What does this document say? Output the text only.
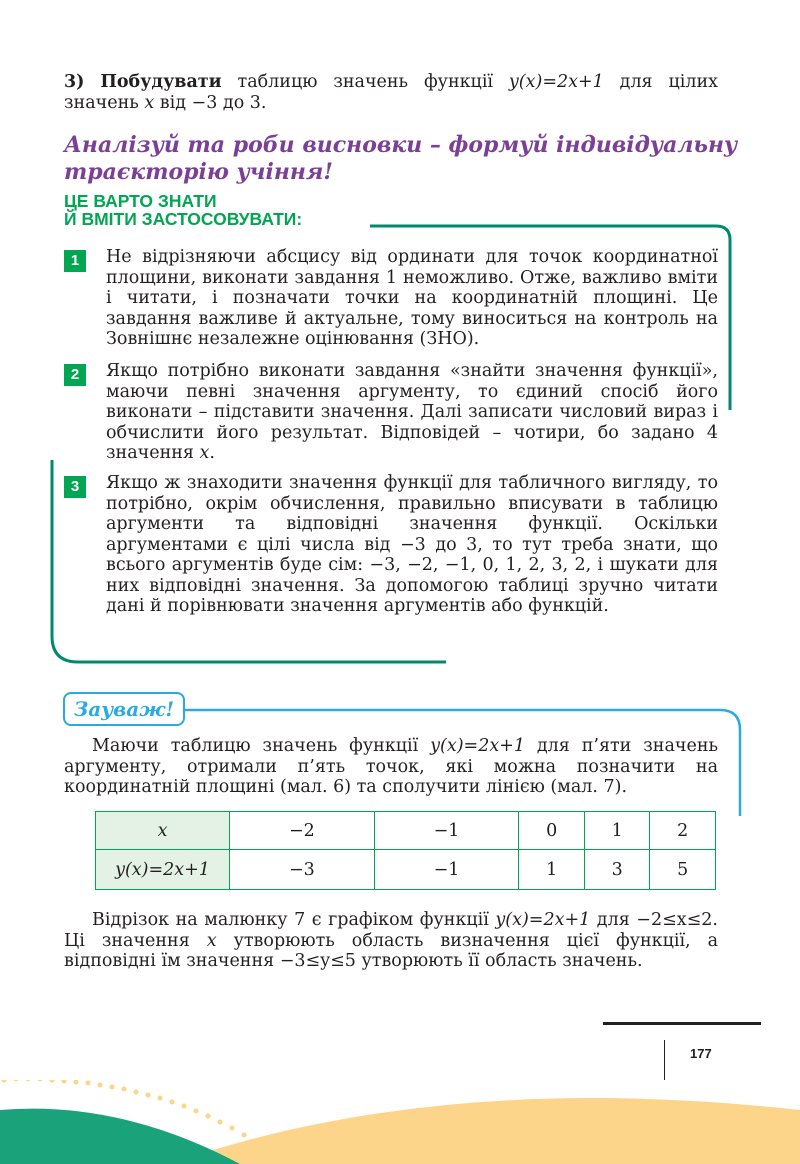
3) Побудувати таблицю значень функції y(x)=2x+1 для цілих значень x від −3 до 3.

Аналізуй та роби висновки – формуй індивідуальну траєкторію учіння!

ЦЕ ВАРТО ЗНАТИ
Й ВМІТИ ЗАСТОСОВУВАТИ:
1	Не відрізняючи абсцису від ординати для точок координатної площини, виконати завдання 1 неможливо. Отже, важливо вміти і читати, і позначати точки на координатній площині. Це завдання важливе й актуальне, тому виноситься на контроль на Зовнішнє незалежне оцінювання (ЗНО).

2	Якщо потрібно виконати завдання «знайти значення функції», маючи певні значення аргументу, то єдиний спосіб його виконати – підставити значення. Далі записати числовий вираз і обчислити його результат. Відповідей – чотири, бо задано 4 значення x.

3	Якщо ж знаходити значення функції для табличного вигляду, то потрібно, окрім обчислення, правильно вписувати в таблицю аргументи та відповідні значення функції. Оскільки аргументами є цілі числа від −3 до 3, то тут треба знати, що всього аргументів буде сім: −3, −2, −1, 0, 1, 2, 3, 2, і шукати для них відповідні значення. За допомогою таблиці зручно читати дані й порівнювати значення аргументів або функцій.

Зауваж!

Маючи таблицю значень функції y(x)=2x+1 для п’яти значень аргументу, отримали п’ять точок, які можна позначити на координатній площині (мал. 6) та сполучити лінією (мал. 7).

x	−2	−1	0	1	2
y(x)=2x+1	−3	−1	1	3	5

Відрізок на малюнку 7 є графіком функції y(x)=2x+1 для −2≤x≤2. Ці значення x утворюють область визначення цієї функції, а відповідні їм значення −3≤y≤5 утворюють її область значень.

177
